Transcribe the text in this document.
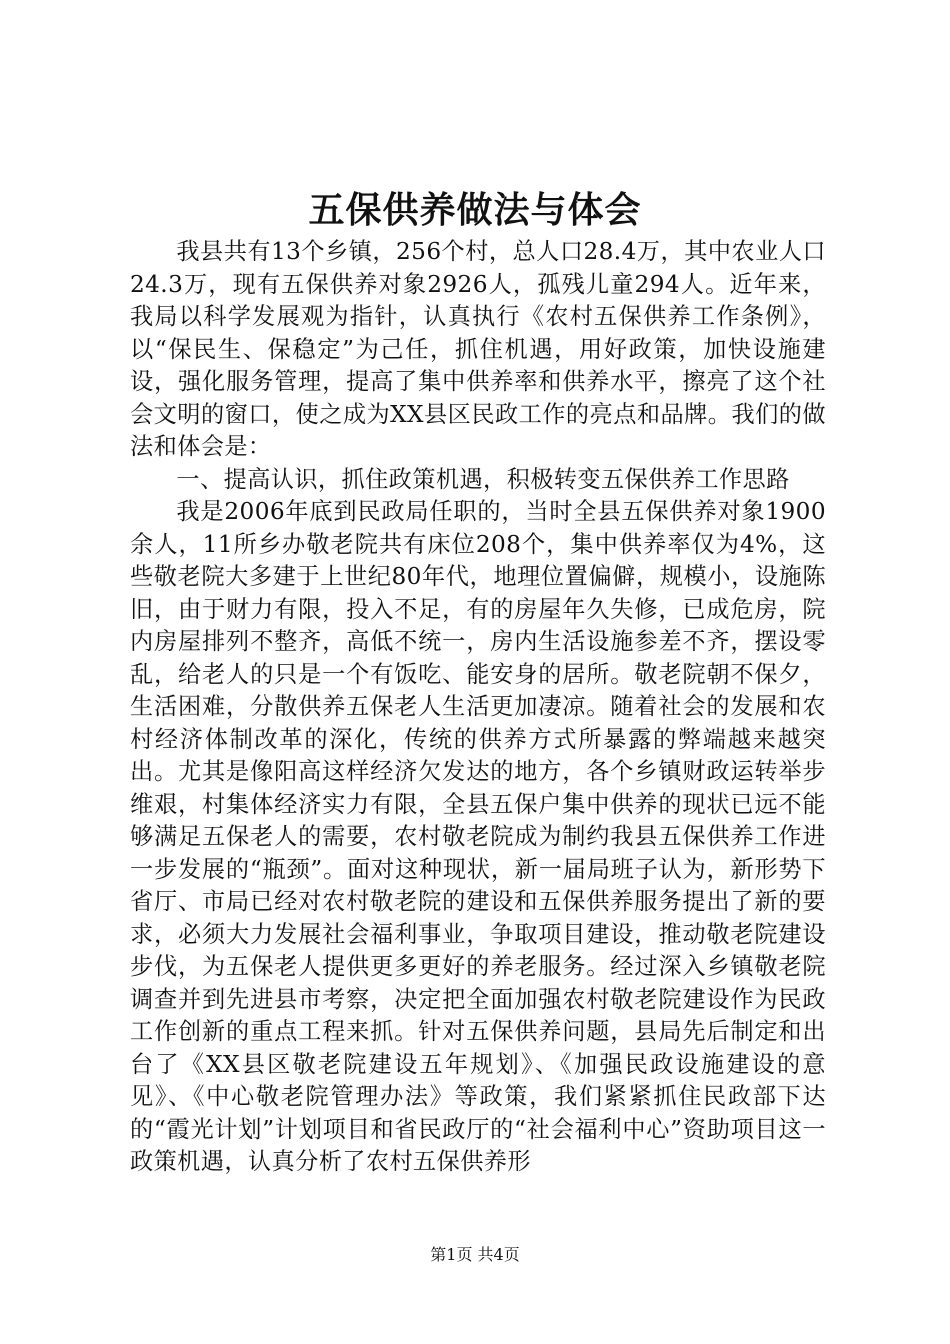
五保供养做法与体会

我县共有13个乡镇，256个村，总人口28.4万，其中农业人口24.3万，现有五保供养对象2926人，孤残儿童294人。近年来，我局以科学发展观为指针，认真执行《农村五保供养工作条例》，以“保民生、保稳定”为己任，抓住机遇，用好政策，加快设施建设，强化服务管理，提高了集中供养率和供养水平，擦亮了这个社会文明的窗口，使之成为XX县区民政工作的亮点和品牌。我们的做法和体会是：

一、提高认识，抓住政策机遇，积极转变五保供养工作思路

我是2006年底到民政局任职的，当时全县五保供养对象1900余人，11所乡办敬老院共有床位208个，集中供养率仅为4%，这些敬老院大多建于上世纪80年代，地理位置偏僻，规模小，设施陈旧，由于财力有限，投入不足，有的房屋年久失修，已成危房，院内房屋排列不整齐，高低不统一，房内生活设施参差不齐，摆设零乱，给老人的只是一个有饭吃、能安身的居所。敬老院朝不保夕，生活困难，分散供养五保老人生活更加凄凉。随着社会的发展和农村经济体制改革的深化，传统的供养方式所暴露的弊端越来越突出。尤其是像阳高这样经济欠发达的地方，各个乡镇财政运转举步维艰，村集体经济实力有限，全县五保户集中供养的现状已远不能够满足五保老人的需要，农村敬老院成为制约我县五保供养工作进一步发展的“瓶颈”。面对这种现状，新一届局班子认为，新形势下省厅、市局已经对农村敬老院的建设和五保供养服务提出了新的要求，必须大力发展社会福利事业，争取项目建设，推动敬老院建设步伐，为五保老人提供更多更好的养老服务。经过深入乡镇敬老院调查并到先进县市考察，决定把全面加强农村敬老院建设作为民政工作创新的重点工程来抓。针对五保供养问题，县局先后制定和出台了《XX县区敬老院建设五年规划》、《加强民政设施建设的意见》、《中心敬老院管理办法》等政策，我们紧紧抓住民政部下达的“霞光计划”计划项目和省民政厅的“社会福利中心”资助项目这一政策机遇，认真分析了农村五保供养形

第1页 共4页
